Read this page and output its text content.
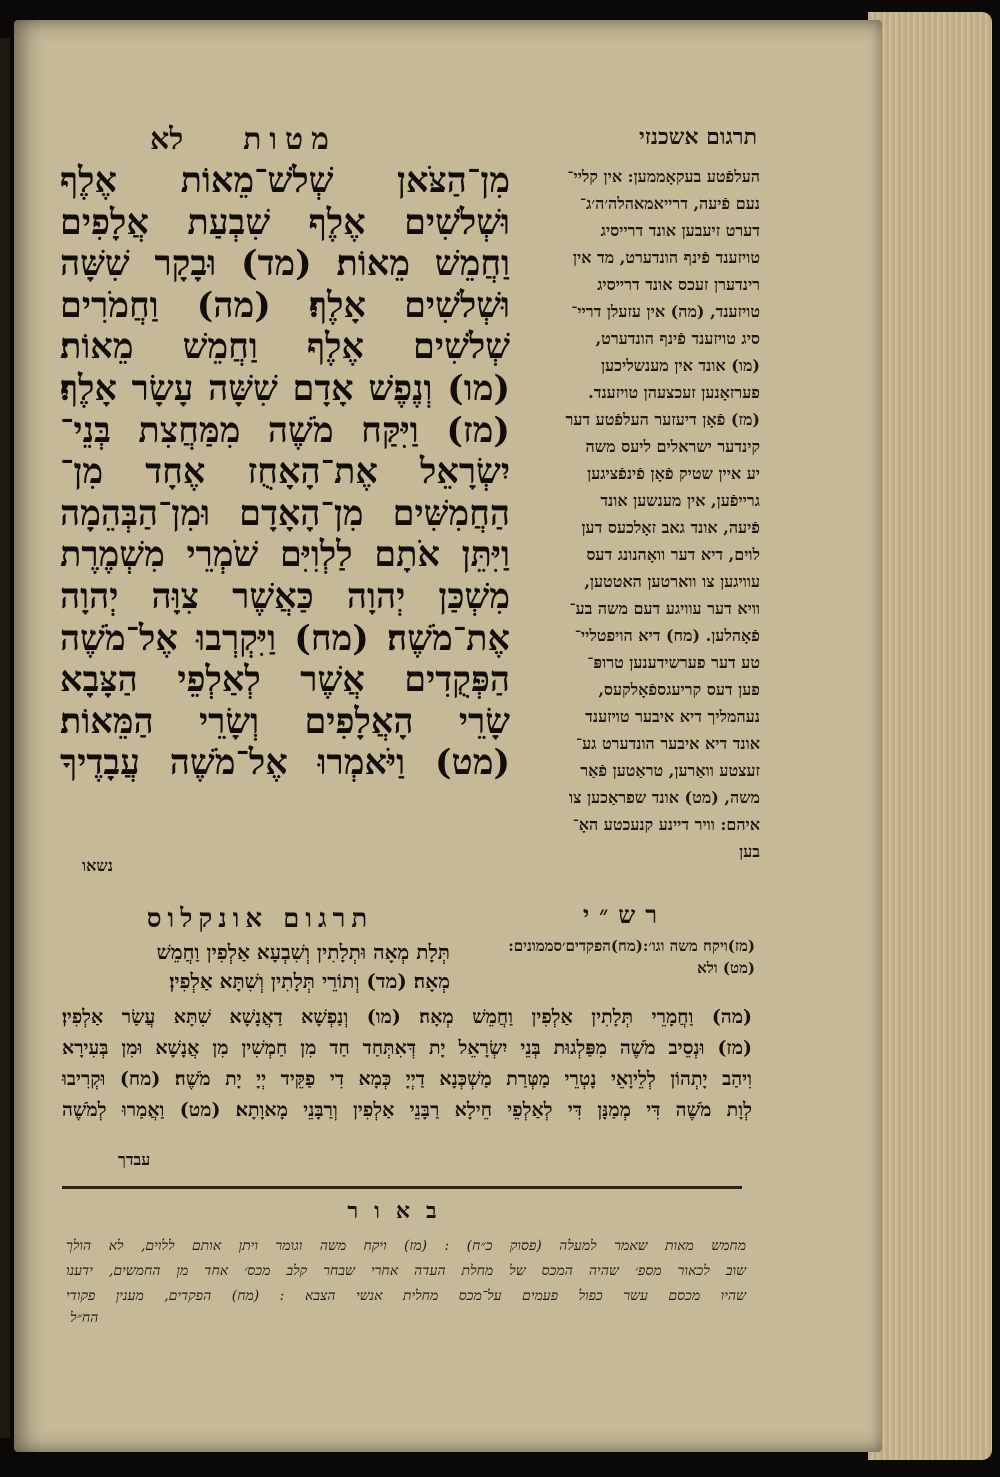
מטות
לא	תרגום אשכנזי
מִן־הַצֹּאן שְׁלֹשׁ־מֵאוֹת אֶלֶף
וּשְׁלֹשִׁים אֶלֶף שִׁבְעַת אֲלָפִים
וַחֲמֵשׁ מֵאוֹת׃ (מד) וּבָקָר שִׁשָּׁה
וּשְׁלֹשִׁים אָלֶף׃ (מה) וַחֲמֹרִים
שְׁלֹשִׁים אֶלֶף וַחֲמֵשׁ מֵאוֹת׃
(מו) וְנֶפֶשׁ אָדָם שִׁשָּׁה עָשָׂר אָלֶף׃
(מז) וַיִּקַּח מֹשֶׁה מִמַּחֲצִת בְּנֵי־
יִשְׂרָאֵל אֶת־הָאָחֻז אֶחָד מִן־
הַחֲמִשִּׁים מִן־הָאָדָם וּמִן־הַבְּהֵמָה
וַיִּתֵּן אֹתָם לַלְוִיִּם שֹׁמְרֵי מִשְׁמֶרֶת
מִשְׁכַּן יְהוָה כַּאֲשֶׁר צִוָּה יְהוָה
אֶת־מֹשֶׁה׃ (מח) וַיִּקְרְבוּ אֶל־מֹשֶׁה
הַפְּקֻדִים אֲשֶׁר לְאַלְפֵי הַצָּבָא
שָׂרֵי הָאֲלָפִים וְשָׂרֵי הַמֵּאוֹת׃
(מט) וַיֹּאמְרוּ אֶל־מֹשֶׁה עֲבָדֶיךָ
נשאו
העלפֿטע בעקאָממען: אין קליי־
נעם פֿיעה, דרייאמאהלה׳ה׳ג־
דערט זיעבען אונד דרייסיג
טויזענד פֿינף הונדערט, מד אין
רינדערן זעכס אונד דרייסיג
טויזענד, (מה) אין עזעלן דריי־
סיג טויזענד פֿינף הונדערט,
(מו) אונד אין מענשליכען
פערזאָנען זעכצעהן טויזענד.
(מז) פֿאָן דיעזער העלפֿטע דער
קינדער ישראלים ליעס משה
יע איין שטיק פֿאָן פֿינפֿציגען
גרייפֿען, אין מענשען אונד
פֿיעה, אונד גאב זאָלכעס דען
לוים, דיא דער וואָהנונג דעס
עוויגען צו ווארטען האטטען,
וויא דער עוויגע דעם משה בע־
פֿאָהלען. (מח) דיא הויפטליי־
טע דער פערשידענען טרופּ־
פען דעס קריעגספֿאָלקעס,
נעהמליך דיא איבער טויזענד
אונד דיא איבער הונדערט גע־
זעצטע וואַרען, טראַטען פֿאַר
משה, (מט) אונד שפראַכען צו
איהם: וויר דיינע קנעכטע האָ־
בען
רש״י
(מז)ויקח משה וגו׳:(מח)הפקדים׳סממונים:
(מט) ולא
תרגום אונקלוס
תְּלָת מְאָה וּתְלָתִין וְשִׁבְעָא אַלְפִין וַחֲמֵשׁ
מְאָה׃ (מד) וְתוֹרֵי תְּלָתִין וְשִׁתָּא אַלְפִין׃
(מה) וַחֲמָרֵי תְּלָתִין אַלְפִין וַחֲמֵשׁ מְאָה׃ (מו) וְנַפְשָׁא דַאֲנָשָׁא שִׁתָּא עֲשַׂר אַלְפִין׃
(מז) וּנְסֵיב מֹשֶׁה מִפַּלְגוּת בְּנֵי יִשְׂרָאֵל יָת דְּאִתְּחַד חַד מִן חַמְשִׁין מִן אֲנָשָׁא וּמִן בְּעִירָא
וִיהַב יָתְהוֹן לְלֵיוָאֵי נָטְרֵי מַטְּרַת מַשְׁכְּנָא דַיְיָ כְּמָא דִי פַקֵּיד יְיָ יָת מֹשֶׁה׃ (מח) וּקְרִיבוּ
לְוָת מֹשֶׁה דִּי מְמַנָּן דִּי לְאַלְפֵי חֵילָא רַבָּנֵי אַלְפִין וְרַבָּנֵי מָאוָתָא׃ (מט) וַאֲמַרוּ לְמֹשֶׁה
עבדך
באור
מחמש מאות שאמר למעלה (פסוק כ״ח) : (מז) ויקח משה וגומר ויתן אותם ללוים, לא הולך
שוב לכאור מספ׳ שהיה המכס של מחלת העדה אחרי שבחר קלב מכס׳ אחד מן החמשים, ידענו
שהיו מכסם עשר כפול פעמים על־מכס מחלית אנשי הצבא : (מח) הפקדים, מענין פקודי
הח״ל
